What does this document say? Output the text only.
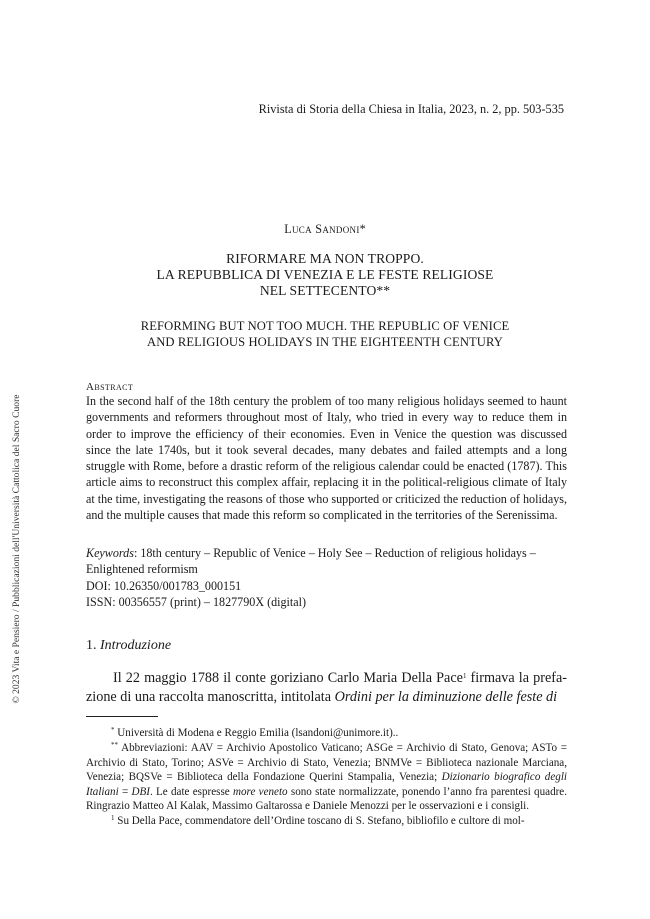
© 2023 Vita e Pensiero / Pubblicazioni dell'Università Cattolica del Sacro Cuore
Rivista di Storia della Chiesa in Italia, 2023, n. 2, pp. 503-535
Luca Sandoni*
RIFORMARE MA NON TROPPO.
LA REPUBBLICA DI VENEZIA E LE FESTE RELIGIOSE
NEL SETTECENTO**
REFORMING BUT NOT TOO MUCH. THE REPUBLIC OF VENICE
AND RELIGIOUS HOLIDAYS IN THE EIGHTEENTH CENTURY
Abstract
In the second half of the 18th century the problem of too many religious holidays seemed to haunt governments and reformers throughout most of Italy, who tried in every way to reduce them in order to improve the efficiency of their economies. Even in Venice the question was discussed since the late 1740s, but it took several decades, many debates and failed attempts and a long struggle with Rome, before a drastic reform of the religious calendar could be enacted (1787). This article aims to reconstruct this complex affair, replacing it in the political-religious climate of Italy at the time, investigating the reasons of those who supported or criticized the reduction of holidays, and the multiple causes that made this reform so complicated in the territories of the Serenissima.
Keywords: 18th century – Republic of Venice – Holy See – Reduction of religious holidays –
Enlightened reformism
DOI: 10.26350/001783_000151
ISSN: 00356557 (print) – 1827790X (digital)
1. Introduzione
Il 22 maggio 1788 il conte goriziano Carlo Maria Della Pace$^1$ firmava la prefazione di una raccolta manoscritta, intitolata Ordini per la diminuzione delle feste di

* Università di Modena e Reggio Emilia (lsandoni@unimore.it)..

** Abbreviazioni: AAV = Archivio Apostolico Vaticano; ASGe = Archivio di Stato, Genova; ASTo = Archivio di Stato, Torino; ASVe = Archivio di Stato, Venezia; BNMVe = Biblioteca nazionale Marciana, Venezia; BQSVe = Biblioteca della Fondazione Querini Stampalia, Venezia; Dizionario biografico degli Italiani = DBI. Le date espresse more veneto sono state normalizzate, ponendo l’anno fra parentesi quadre. Ringrazio Matteo Al Kalak, Massimo Galtarossa e Daniele Menozzi per le osservazioni e i consigli.

$^1$ Su Della Pace, commendatore dell’Ordine toscano di S. Stefano, bibliofilo e cultore di mol-
